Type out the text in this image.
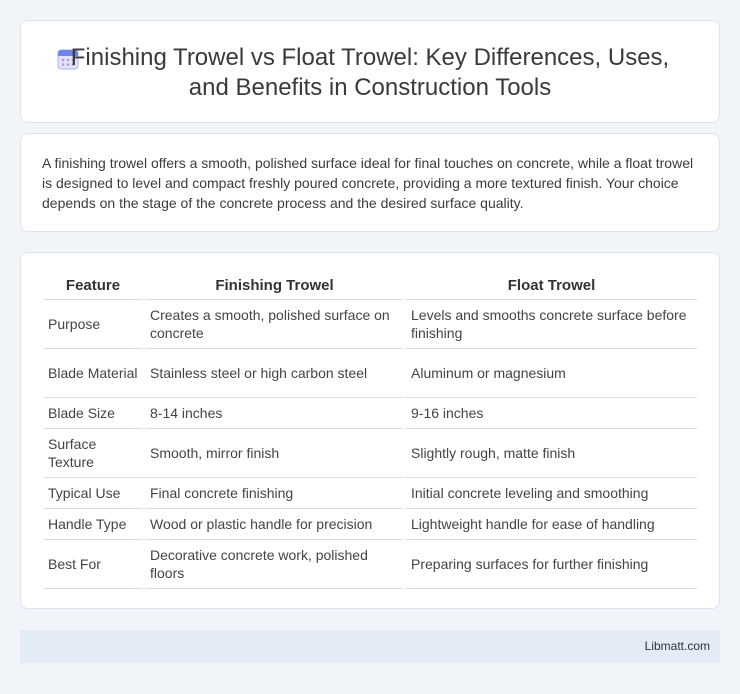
Finishing Trowel vs Float Trowel: Key Differences, Uses,
and Benefits in Construction Tools

A finishing trowel offers a smooth, polished surface ideal for final touches on concrete, while a float trowel is designed to level and compact freshly poured concrete, providing a more textured finish. Your choice depends on the stage of the concrete process and the desired surface quality.

Feature	Finishing Trowel	Float Trowel
Purpose	Creates a smooth, polished surface on concrete	Levels and smooths concrete surface before finishing
Blade Material	Stainless steel or high carbon steel	Aluminum or magnesium
Blade Size	8-14 inches	9-16 inches
Surface Texture	Smooth, mirror finish	Slightly rough, matte finish
Typical Use	Final concrete finishing	Initial concrete leveling and smoothing
Handle Type	Wood or plastic handle for precision	Lightweight handle for ease of handling
Best For	Decorative concrete work, polished floors	Preparing surfaces for further finishing
Libmatt.com
